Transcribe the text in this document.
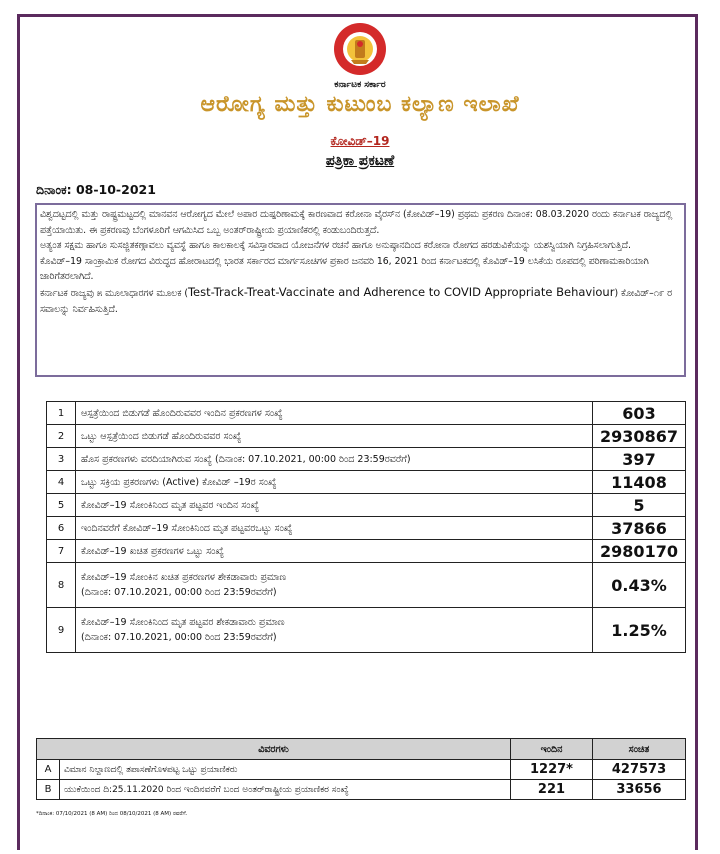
ಕರ್ನಾಟಕ ಸರ್ಕಾರ
ಆರೋಗ್ಯ ಮತ್ತು ಕುಟುಂಬ ಕಲ್ಯಾಣ ಇಲಾಖೆ
ಕೋವಿಡ್–19
ಪತ್ರಿಕಾ ಪ್ರಕಟಣೆ
ದಿನಾಂಕ: 08-10-2021

ವಿಶ್ವದಟ್ಟದಲ್ಲಿ ಮತ್ತು ರಾಷ್ಟ್ರಮಟ್ಟದಲ್ಲಿ ಮಾನವನ ಆರೋಗ್ಯದ ಮೇಲೆ ಅಪಾರ ದುಷ್ಪರಿಣಾಮಕ್ಕೆ ಕಾರಣವಾದ ಕರೋನಾ ವೈರಸ್‌ನ (ಕೋವಿಡ್–19) ಪ್ರಥಮ ಪ್ರಕರಣ ದಿನಾಂಕ: 08.03.2020 ರಂದು ಕರ್ನಾಟಕ ರಾಜ್ಯದಲ್ಲಿ ಪತ್ತೆಯಾಯಿತು. ಈ ಪ್ರಕರಣವು ಬೆಂಗಳೂರಿಗೆ ಆಗಮಿಸಿದ ಒಬ್ಬ ಅಂತರ್‌ರಾಷ್ಟ್ರೀಯ ಪ್ರಯಾಣಿಕರಲ್ಲಿ ಕಂಡುಬಂದಿರುತ್ತದೆ.

ಅತ್ಯಂತ ಸಕ್ಷಮ ಹಾಗೂ ಸುಸಜ್ಜಿತಕಣ್ಗಾವಲು ವ್ಯವಸ್ಥೆ ಹಾಗೂ ಕಾಲಕಾಲಕ್ಕೆ ಸವಿಸ್ತಾರವಾದ ಯೋಜನೆಗಳ ರಚನೆ ಹಾಗೂ ಅನುಷ್ಠಾನದಿಂದ ಕರೋನಾ ರೋಗದ ಹರಡುವಿಕೆಯನ್ನು ಯಶಸ್ವಿಯಾಗಿ ನಿಗ್ರಹಿಸಲಾಗುತ್ತಿದೆ.

ಕೊವಿಡ್–19 ಸಾಂಕ್ರಾಮಿಕ ರೋಗದ ವಿರುದ್ಧದ ಹೋರಾಟದಲ್ಲಿ ಭಾರತ ಸರ್ಕಾರದ ಮಾರ್ಗಸೂಚಿಗಳ ಪ್ರಕಾರ ಜನವರಿ 16, 2021 ರಿಂದ ಕರ್ನಾಟಕದಲ್ಲಿ ಕೊವಿಡ್–19 ಲಸಿಕೆಯ ರೂಪದಲ್ಲಿ ಪರಿಣಾಮಕಾರಿಯಾಗಿ ಜಾರಿಗೆತರಲಾಗಿದೆ.

ಕರ್ನಾಟಕ ರಾಜ್ಯವು ೫ ಮೂಲಾಧಾರಗಳ ಮೂಲಕ (Test-Track-Treat-Vaccinate and Adherence to COVID Appropriate Behaviour) ಕೋವಿಡ್–೧೯ ರ ಸವಾಲನ್ನು ನಿರ್ವಹಿಸುತ್ತಿದೆ.

1	ಆಸ್ಪತ್ರೆಯಿಂದ ಬಿಡುಗಡೆ ಹೊಂದಿರುವವರ ಇಂದಿನ ಪ್ರಕರಣಗಳ ಸಂಖ್ಯೆ	603
2	ಒಟ್ಟು ಆಸ್ಪತ್ರೆಯಿಂದ ಬಿಡುಗಡೆ ಹೊಂದಿರುವವರ ಸಂಖ್ಯೆ	2930867
3	ಹೊಸ ಪ್ರಕರಣಗಳು ವರದಿಯಾಗಿರುವ ಸಂಖ್ಯೆ (ದಿನಾಂಕ: 07.10.2021, 00:00 ರಿಂದ 23:59ರವರೆಗೆ)	397
4	ಒಟ್ಟು ಸಕ್ರಿಯ ಪ್ರಕರಣಗಳು (Active) ಕೋವಿಡ್ –19ರ ಸಂಖ್ಯೆ	11408
5	ಕೋವಿಡ್–19 ಸೋಂಕಿನಿಂದ ಮೃತ ಪಟ್ಟವರ ಇಂದಿನ ಸಂಖ್ಯೆ	5
6	ಇಂದಿನವರೆಗೆ ಕೋವಿಡ್–19 ಸೋಂಕಿನಿಂದ ಮೃತ ಪಟ್ಟವರಒಟ್ಟು ಸಂಖ್ಯೆ	37866
7	ಕೋವಿಡ್–19 ಖಚಿತ ಪ್ರಕರಣಗಳ ಒಟ್ಟು ಸಂಖ್ಯೆ	2980170
8	ಕೋವಿಡ್–19 ಸೋಂಕಿನ ಖಚಿತ ಪ್ರಕರಣಗಳ ಶೇಕಡಾವಾರು ಪ್ರಮಾಣ
(ದಿನಾಂಕ: 07.10.2021, 00:00 ರಿಂದ 23:59ರವರೆಗೆ)	0.43%
9	ಕೋವಿಡ್–19 ಸೋಂಕಿನಿಂದ ಮೃತ ಪಟ್ಟವರ ಶೇಕಡಾವಾರು ಪ್ರಮಾಣ
(ದಿನಾಂಕ: 07.10.2021, 00:00 ರಿಂದ 23:59ರವರೆಗೆ)	1.25%
ವಿವರಗಳು		ಇಂದಿನ	ಸಂಚಿತ
A	ವಿಮಾನ ನಿಲ್ದಾಣದಲ್ಲಿ ತಪಾಸಣೆಗೊಳಪಟ್ಟ ಒಟ್ಟು ಪ್ರಯಾಣಿಕರು	1227*	427573
B	ಯುಕೆಯಿಂದ ದಿ:25.11.2020 ರಿಂದ ಇಂದಿನವರೆಗೆ ಬಂದ ಅಂತರ್‌ರಾಷ್ಟ್ರೀಯ ಪ್ರಯಾಣಿಕರ ಸಂಖ್ಯೆ	221	33656
*ದಿನಾಂಕ: 07/10/2021 (8 AM) ರಿಂದ 08/10/2021 (8 AM) ರವರೆಗೆ.
